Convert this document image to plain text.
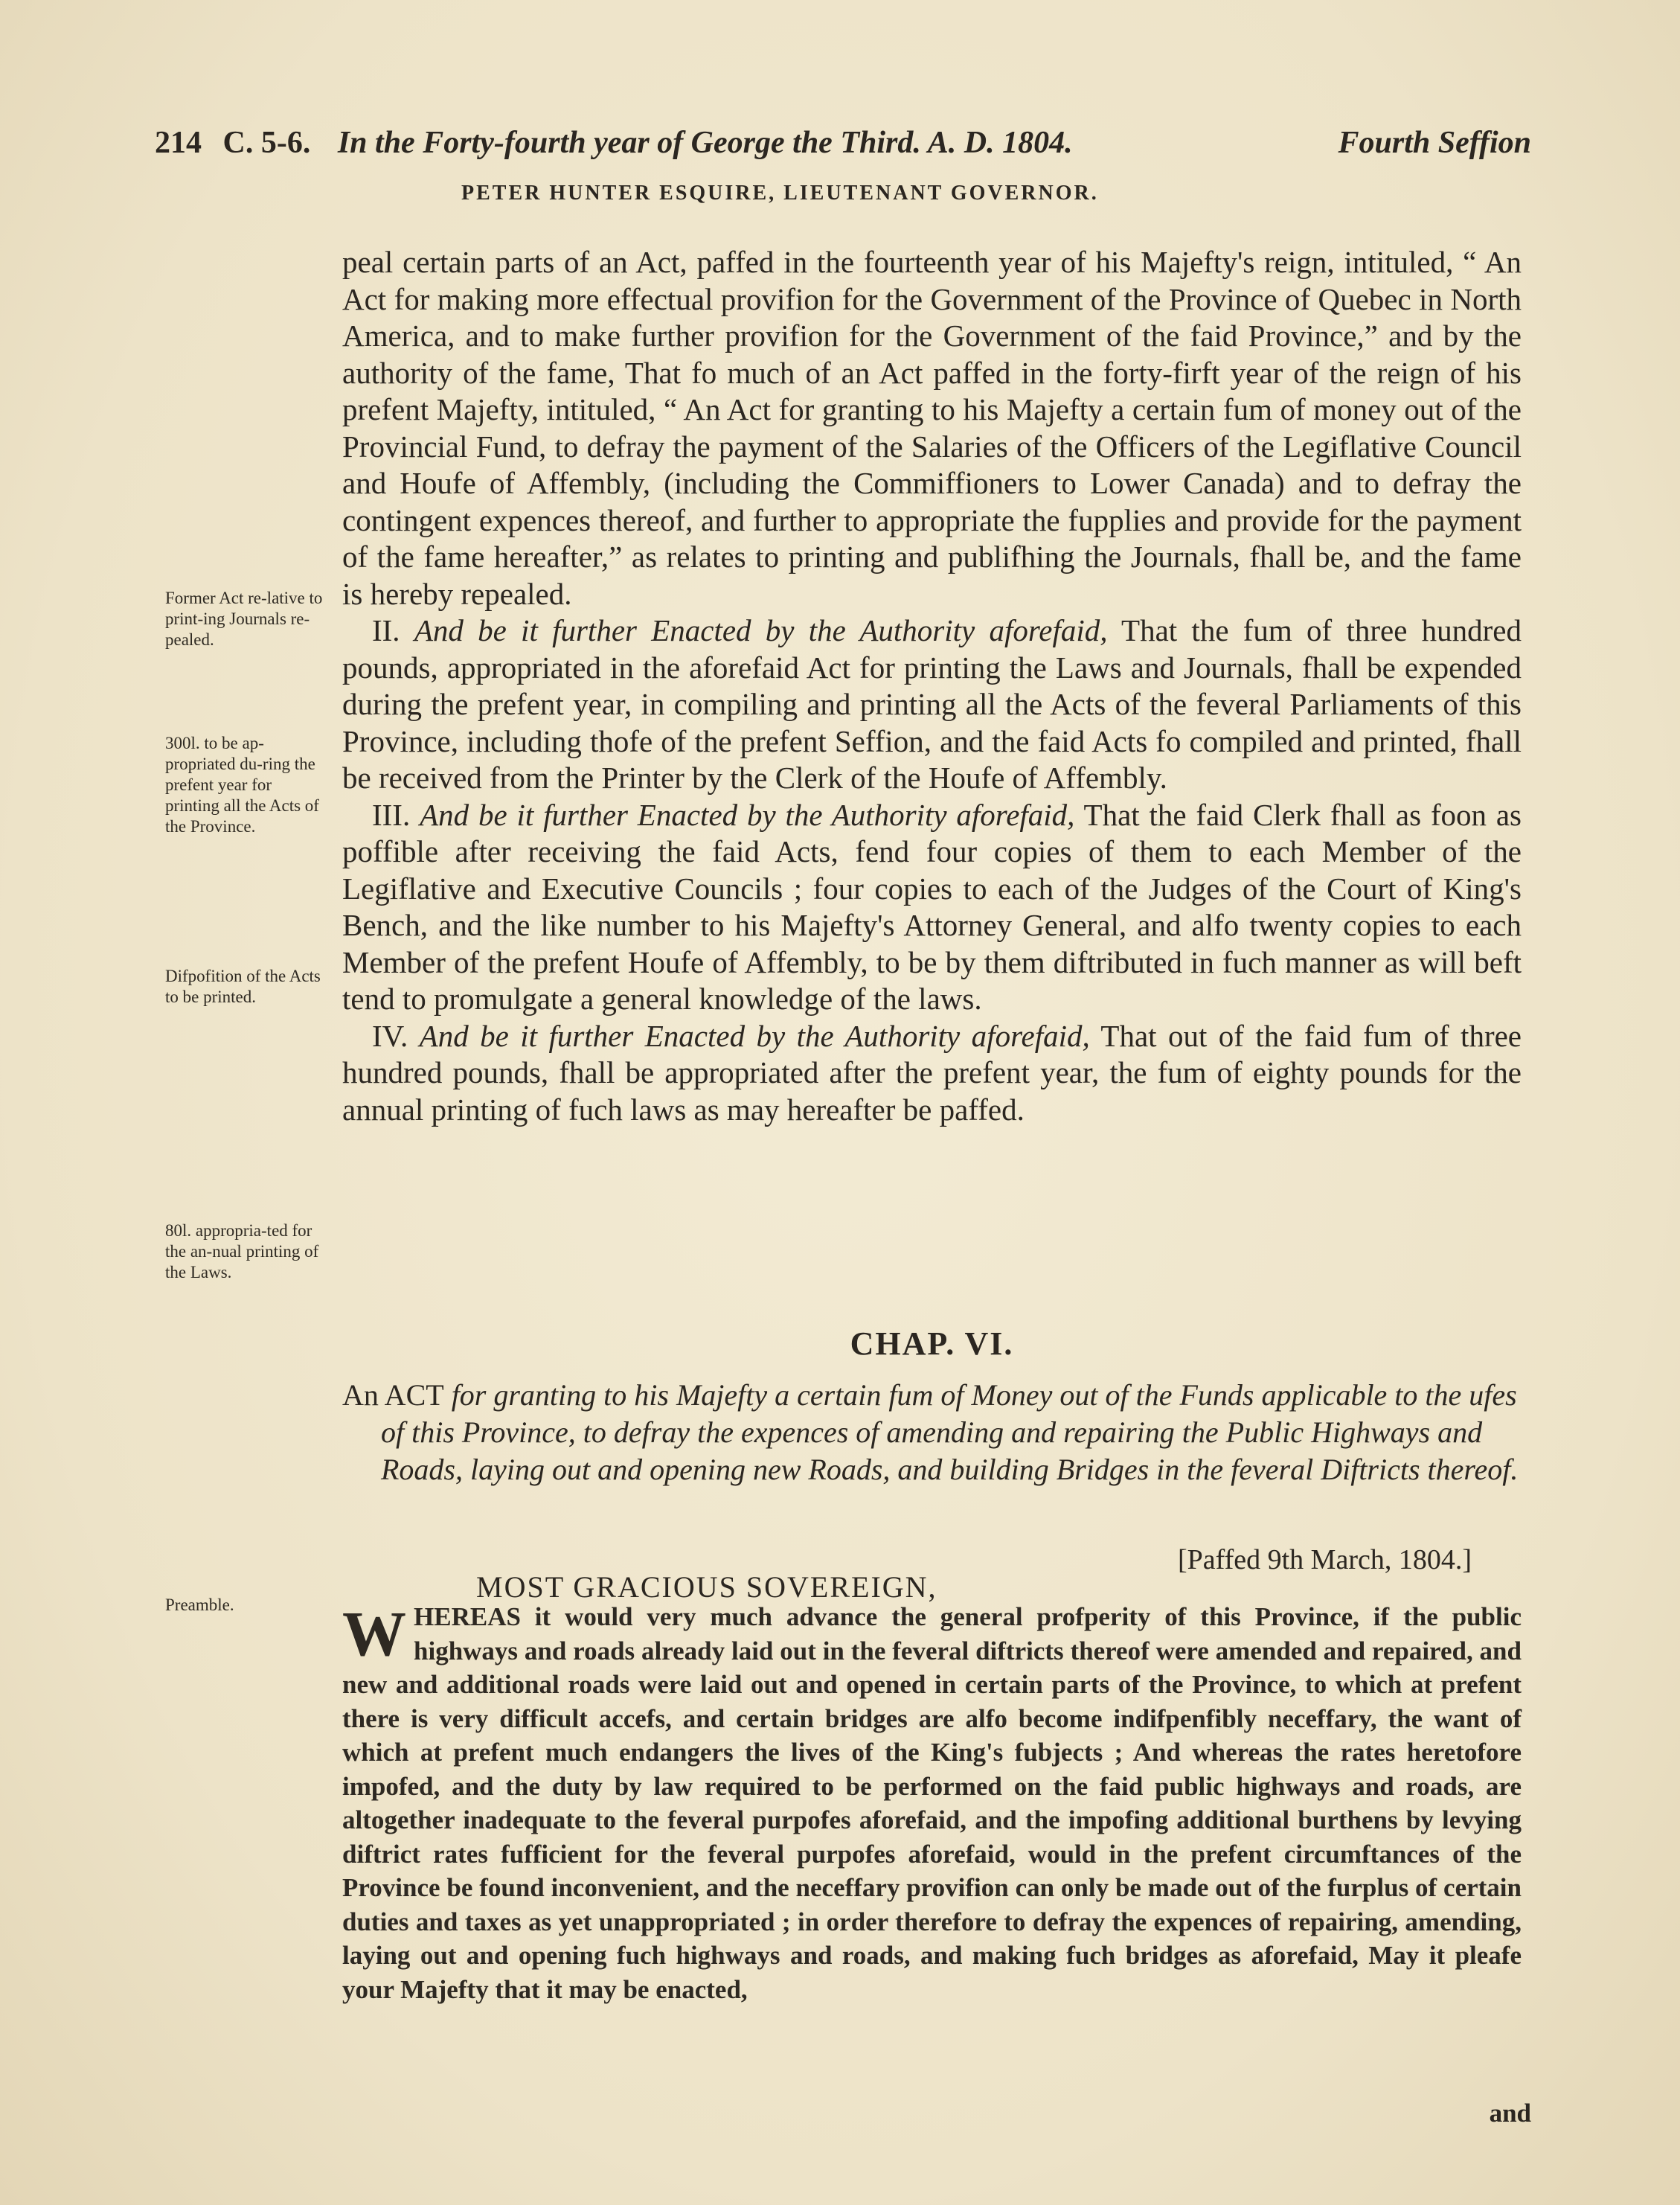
214 C. 5-6. In the Forty-fourth year of George the Third. A. D. 1804.	Fourth Seffion
PETER HUNTER ESQUIRE, LIEUTENANT GOVERNOR.
Former Act re-lative to print-ing Journals re-pealed.
300l. to be ap-propriated du-ring the prefent year for printing all the Acts of the Province.
Difpofition of the Acts to be printed.
80l. appropria-ted for the an-nual printing of the Laws.
Preamble.

peal certain parts of an Act, paffed in the fourteenth year of his Majefty's reign, intituled, “ An Act for making more effectual provifion for the Government of the Province of Quebec in North America, and to make further provifion for the Government of the faid Province,” and by the authority of the fame, That fo much of an Act paffed in the forty-firft year of the reign of his prefent Majefty, intituled, “ An Act for granting to his Majefty a certain fum of money out of the Provincial Fund, to defray the payment of the Salaries of the Officers of the Legiflative Council and Houfe of Affembly, (including the Commiffioners to Lower Canada) and to defray the contingent expences thereof, and further to appropriate the fupplies and provide for the payment of the fame hereafter,” as relates to printing and publifhing the Journals, fhall be, and the fame is hereby repealed.

II. And be it further Enacted by the Authority aforefaid, That the fum of three hundred pounds, appropriated in the aforefaid Act for printing the Laws and Journals, fhall be expended during the prefent year, in compiling and printing all the Acts of the feveral Parliaments of this Province, including thofe of the prefent Seffion, and the faid Acts fo compiled and printed, fhall be received from the Printer by the Clerk of the Houfe of Affembly.

III. And be it further Enacted by the Authority aforefaid, That the faid Clerk fhall as foon as poffible after receiving the faid Acts, fend four copies of them to each Member of the Legiflative and Executive Councils ; four copies to each of the Judges of the Court of King's Bench, and the like number to his Majefty's Attorney General, and alfo twenty copies to each Member of the prefent Houfe of Affembly, to be by them diftributed in fuch manner as will beft tend to promulgate a general knowledge of the laws.

IV. And be it further Enacted by the Authority aforefaid, That out of the faid fum of three hundred pounds, fhall be appropriated after the prefent year, the fum of eighty pounds for the annual printing of fuch laws as may hereafter be paffed.

CHAP. VI.
An ACT for granting to his Majefty a certain fum of Money out of the Funds applicable to the ufes of this Province, to defray the expences of amending and repairing the Public Highways and Roads, laying out and opening new Roads, and building Bridges in the feveral Diftricts thereof.
[Paffed 9th March, 1804.]
MOST GRACIOUS SOVEREIGN,
W HEREAS it would very much advance the general profperity of this Province, if the public highways and roads already laid out in the feveral diftricts thereof were amended and repaired, and new and additional roads were laid out and opened in certain parts of the Province, to which at prefent there is very difficult accefs, and certain bridges are alfo become indifpenfibly neceffary, the want of which at prefent much endangers the lives of the King's fubjects ; And whereas the rates heretofore impofed, and the duty by law required to be performed on the faid public highways and roads, are altogether inadequate to the feveral purpofes aforefaid, and the impofing additional burthens by levying diftrict rates fufficient for the feveral purpofes aforefaid, would in the prefent circumftances of the Province be found inconvenient, and the neceffary provifion can only be made out of the furplus of certain duties and taxes as yet unappropriated ; in order therefore to defray the expences of repairing, amending, laying out and opening fuch highways and roads, and making fuch bridges as aforefaid, May it pleafe your Majefty that it may be enacted,
and
